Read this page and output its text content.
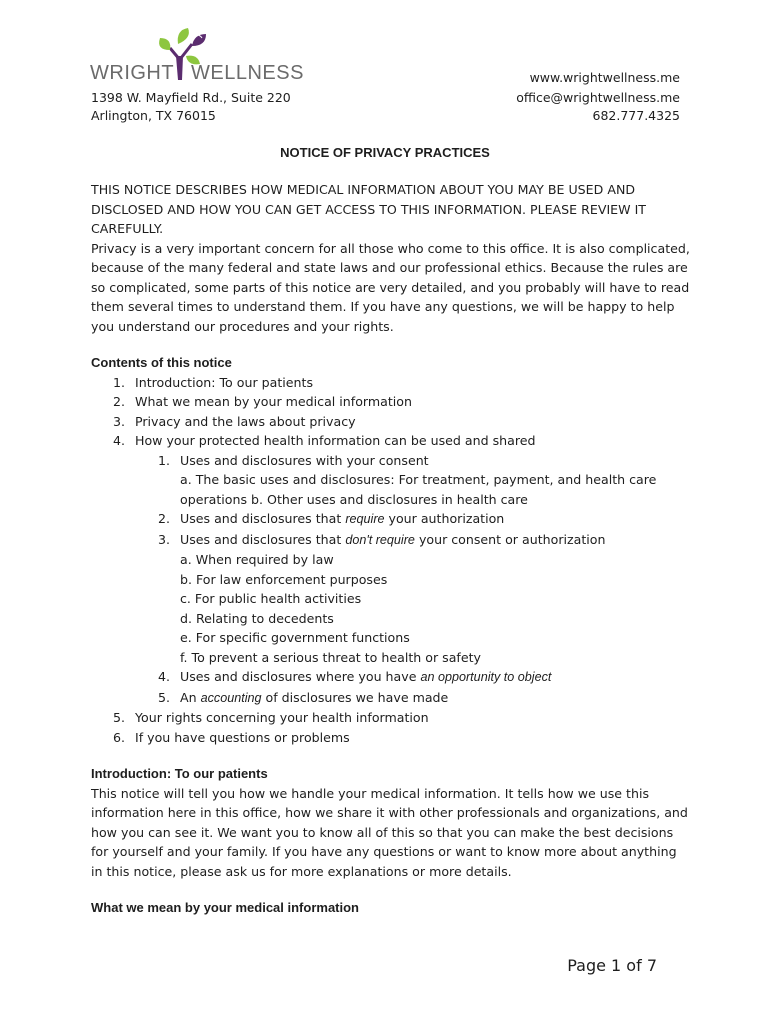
WRIGHT WELLNESS
1398 W. Mayfield Rd., Suite 220
Arlington, TX 76015
www.wrightwellness.me
office@wrightwellness.me
682.777.4325
NOTICE OF PRIVACY PRACTICES

THIS NOTICE DESCRIBES HOW MEDICAL INFORMATION ABOUT YOU MAY BE USED AND DISCLOSED AND HOW YOU CAN GET ACCESS TO THIS INFORMATION. PLEASE REVIEW IT CAREFULLY.

Privacy is a very important concern for all those who come to this office. It is also complicated, because of the many federal and state laws and our professional ethics. Because the rules are so complicated, some parts of this notice are very detailed, and you probably will have to read them several times to understand them. If you have any questions, we will be happy to help you understand our procedures and your rights.

Contents of this notice

1. Introduction: To our patients
2. What we mean by your medical information
3. Privacy and the laws about privacy
4. How your protected health information can be used and shared
1. Uses and disclosures with your consent
a. The basic uses and disclosures: For treatment, payment, and health care operations b. Other uses and disclosures in health care
2. Uses and disclosures that require your authorization
3. Uses and disclosures that don't require your consent or authorization
a. When required by law
b. For law enforcement purposes
c. For public health activities
d. Relating to decedents
e. For specific government functions
f. To prevent a serious threat to health or safety
4. Uses and disclosures where you have an opportunity to object
5. An accounting of disclosures we have made
5. Your rights concerning your health information
6. If you have questions or problems

Introduction: To our patients

This notice will tell you how we handle your medical information. It tells how we use this information here in this office, how we share it with other professionals and organizations, and how you can see it. We want you to know all of this so that you can make the best decisions for yourself and your family. If you have any questions or want to know more about anything in this notice, please ask us for more explanations or more details.

What we mean by your medical information

Page 1 of 7
